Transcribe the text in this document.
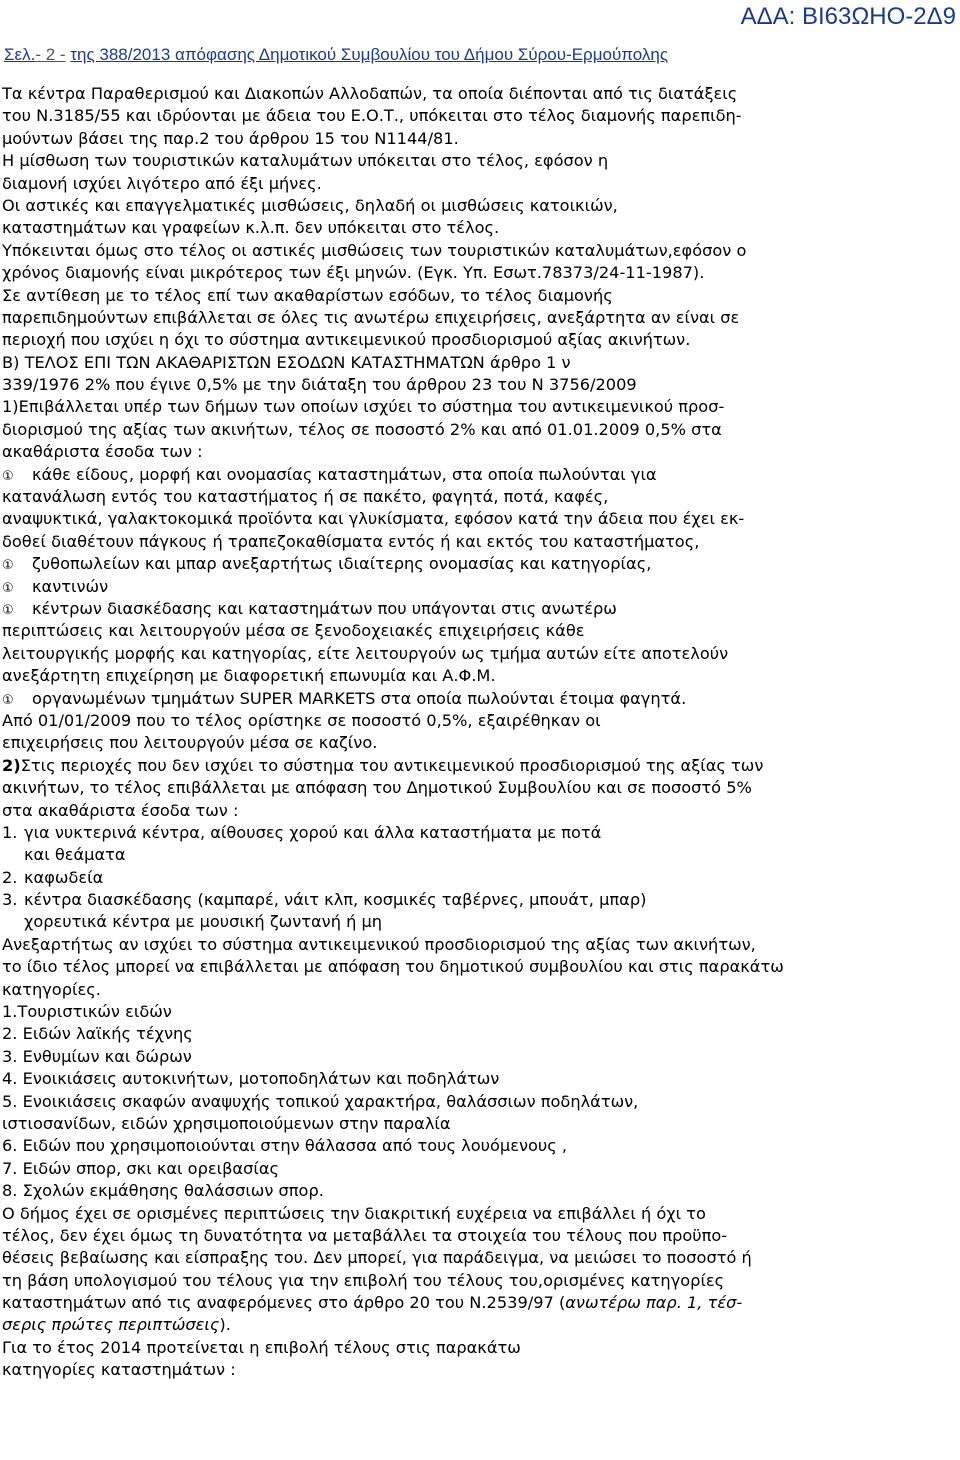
ΑΔΑ: ΒΙ63ΩΗΟ-2Δ9
Σελ.- 2 - της 388/2013 απόφασης Δημοτικού Συμβουλίου του Δήμου Σύρου-Ερμούπολης
Τα κέντρα Παραθερισμού και Διακοπών Αλλοδαπών, τα οποία διέπονται από τις διατάξεις
του Ν.3185/55 και ιδρύονται με άδεια του Ε.Ο.Τ., υπόκειται στο τέλος διαμονής παρεπιδη-
μούντων βάσει της παρ.2 του άρθρου 15 του Ν1144/81.
Η μίσθωση των τουριστικών καταλυμάτων υπόκειται στο τέλος, εφόσον η
διαμονή ισχύει λιγότερο από έξι μήνες.
Οι αστικές και επαγγελματικές μισθώσεις, δηλαδή οι μισθώσεις κατοικιών,
καταστημάτων και γραφείων κ.λ.π. δεν υπόκειται στο τέλος.
Υπόκεινται όμως στο τέλος οι αστικές μισθώσεις των τουριστικών καταλυμάτων,εφόσον ο
χρόνος διαμονής είναι μικρότερος των έξι μηνών. (Εγκ. Υπ. Εσωτ.78373/24-11-1987).
Σε αντίθεση με το τέλος επί των ακαθαρίστων εσόδων, το τέλος διαμονής
παρεπιδημούντων επιβάλλεται σε όλες τις ανωτέρω επιχειρήσεις, ανεξάρτητα αν είναι σε
περιοχή που ισχύει η όχι το σύστημα αντικειμενικού προσδιορισμού αξίας ακινήτων.
Β) ΤΕΛΟΣ ΕΠΙ ΤΩΝ ΑΚΑΘΑΡΙΣΤΩΝ ΕΣΟΔΩΝ ΚΑΤΑΣΤΗΜΑΤΩΝ άρθρο 1 ν
339/1976 2% που έγινε 0,5% με την διάταξη του άρθρου 23 του Ν 3756/2009
1)Επιβάλλεται υπέρ των δήμων των οποίων ισχύει το σύστημα του αντικειμενικού προσ-
διορισμού της αξίας των ακινήτων, τέλος σε ποσοστό 2% και από 01.01.2009 0,5% στα
ακαθάριστα έσοδα των :
① κάθε είδους, μορφή και ονομασίας καταστημάτων, στα οποία πωλούνται για
κατανάλωση εντός του καταστήματος ή σε πακέτο, φαγητά, ποτά, καφές,
αναψυκτικά, γαλακτοκομικά προϊόντα και γλυκίσματα, εφόσον κατά την άδεια που έχει εκ-
δοθεί διαθέτουν πάγκους ή τραπεζοκαθίσματα εντός ή και εκτός του καταστήματος,
① ζυθοπωλείων και μπαρ ανεξαρτήτως ιδιαίτερης ονομασίας και κατηγορίας,
① καντινών
① κέντρων διασκέδασης και καταστημάτων που υπάγονται στις ανωτέρω
περιπτώσεις και λειτουργούν μέσα σε ξενοδοχειακές επιχειρήσεις κάθε
λειτουργικής μορφής και κατηγορίας, είτε λειτουργούν ως τμήμα αυτών είτε αποτελούν
ανεξάρτητη επιχείρηση με διαφορετική επωνυμία και Α.Φ.Μ.
① οργανωμένων τμημάτων SUPER MARKETS στα οποία πωλούνται έτοιμα φαγητά.
Από 01/01/2009 που το τέλος ορίστηκε σε ποσοστό 0,5%, εξαιρέθηκαν οι
επιχειρήσεις που λειτουργούν μέσα σε καζίνο.
2)Στις περιοχές που δεν ισχύει το σύστημα του αντικειμενικού προσδιορισμού της αξίας των
ακινήτων, το τέλος επιβάλλεται με απόφαση του Δημοτικού Συμβουλίου και σε ποσοστό 5%
στα ακαθάριστα έσοδα των :
1. για νυκτερινά κέντρα, αίθουσες χορού και άλλα καταστήματα με ποτά
και θεάματα
2. καφωδεία
3. κέντρα διασκέδασης (καμπαρέ, νάιτ κλπ, κοσμικές ταβέρνες, μπουάτ, μπαρ)
χορευτικά κέντρα με μουσική ζωντανή ή μη
Ανεξαρτήτως αν ισχύει το σύστημα αντικειμενικού προσδιορισμού της αξίας των ακινήτων,
το ίδιο τέλος μπορεί να επιβάλλεται με απόφαση του δημοτικού συμβουλίου και στις παρακάτω
κατηγορίες.
1.Τουριστικών ειδών
2. Ειδών λαϊκής τέχνης
3. Ενθυμίων και δώρων
4. Ενοικιάσεις αυτοκινήτων, μοτοποδηλάτων και ποδηλάτων
5. Ενοικιάσεις σκαφών αναψυχής τοπικού χαρακτήρα, θαλάσσιων ποδηλάτων,
ιστιοσανίδων, ειδών χρησιμοποιούμενων στην παραλία
6. Ειδών που χρησιμοποιούνται στην θάλασσα από τους λουόμενους ,
7. Ειδών σπορ, σκι και ορειβασίας
8. Σχολών εκμάθησης θαλάσσιων σπορ.
Ο δήμος έχει σε ορισμένες περιπτώσεις την διακριτική ευχέρεια να επιβάλλει ή όχι το
τέλος, δεν έχει όμως τη δυνατότητα να μεταβάλλει τα στοιχεία του τέλους που προϋπο-
θέσεις βεβαίωσης και είσπραξης του. Δεν μπορεί, για παράδειγμα, να μειώσει το ποσοστό ή
τη βάση υπολογισμού του τέλους για την επιβολή του τέλους του,ορισμένες κατηγορίες
καταστημάτων από τις αναφερόμενες στο άρθρο 20 του Ν.2539/97 (ανωτέρω παρ. 1, τέσ-
σερις πρώτες περιπτώσεις).
Για το έτος 2014 προτείνεται η επιβολή τέλους στις παρακάτω
κατηγορίες καταστημάτων :
